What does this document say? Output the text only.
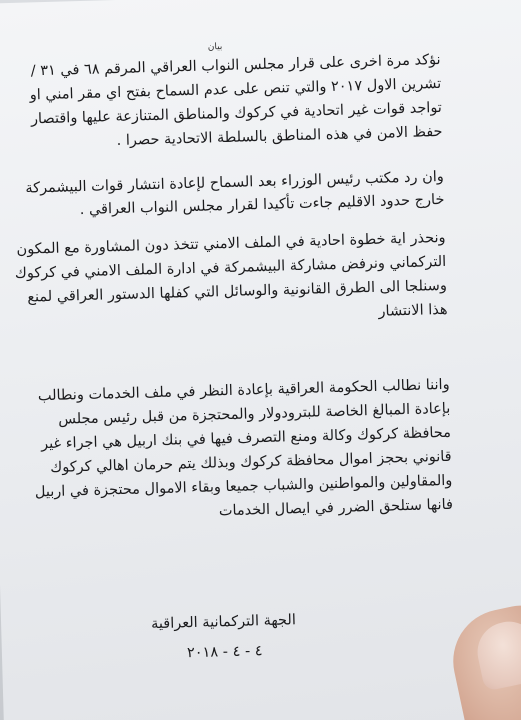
بيان
نؤكد مرة اخرى على قرار مجلس النواب العراقي المرقم ٦٨ في ٣١ /
تشرين الاول ٢٠١٧ والتي تنص على عدم السماح بفتح اي مقر امني او
تواجد قوات غير اتحادية في كركوك والمناطق المتنازعة عليها واقتصار
حفظ الامن في هذه المناطق بالسلطة الاتحادية حصرا .
وان رد مكتب رئيس الوزراء بعد السماح لإعادة انتشار قوات البيشمركة
خارج حدود الاقليم جاءت تأكيدا لقرار مجلس النواب العراقي .
ونحذر اية خطوة احادية في الملف الامني تتخذ دون المشاورة مع المكون
التركماني ونرفض مشاركة البيشمركة في ادارة الملف الامني في كركوك
وسنلجا الى الطرق القانونية والوسائل التي كفلها الدستور العراقي لمنع
هذا الانتشار
واننا نطالب الحكومة العراقية بإعادة النظر في ملف الخدمات ونطالب
بإعادة المبالغ الخاصة للبترودولار والمحتجزة من قبل رئيس مجلس
محافظة كركوك وكالة ومنع التصرف فيها في بنك اربيل هي اجراء غير
قانوني بحجز اموال محافظة كركوك وبذلك يتم حرمان اهالي كركوك
والمقاولين والمواطنين والشباب جميعا وبقاء الاموال محتجزة في اربيل
فانها ستلحق الضرر في ايصال الخدمات
الجهة التركمانية العراقية
٤ - ٤ - ٢٠١٨
